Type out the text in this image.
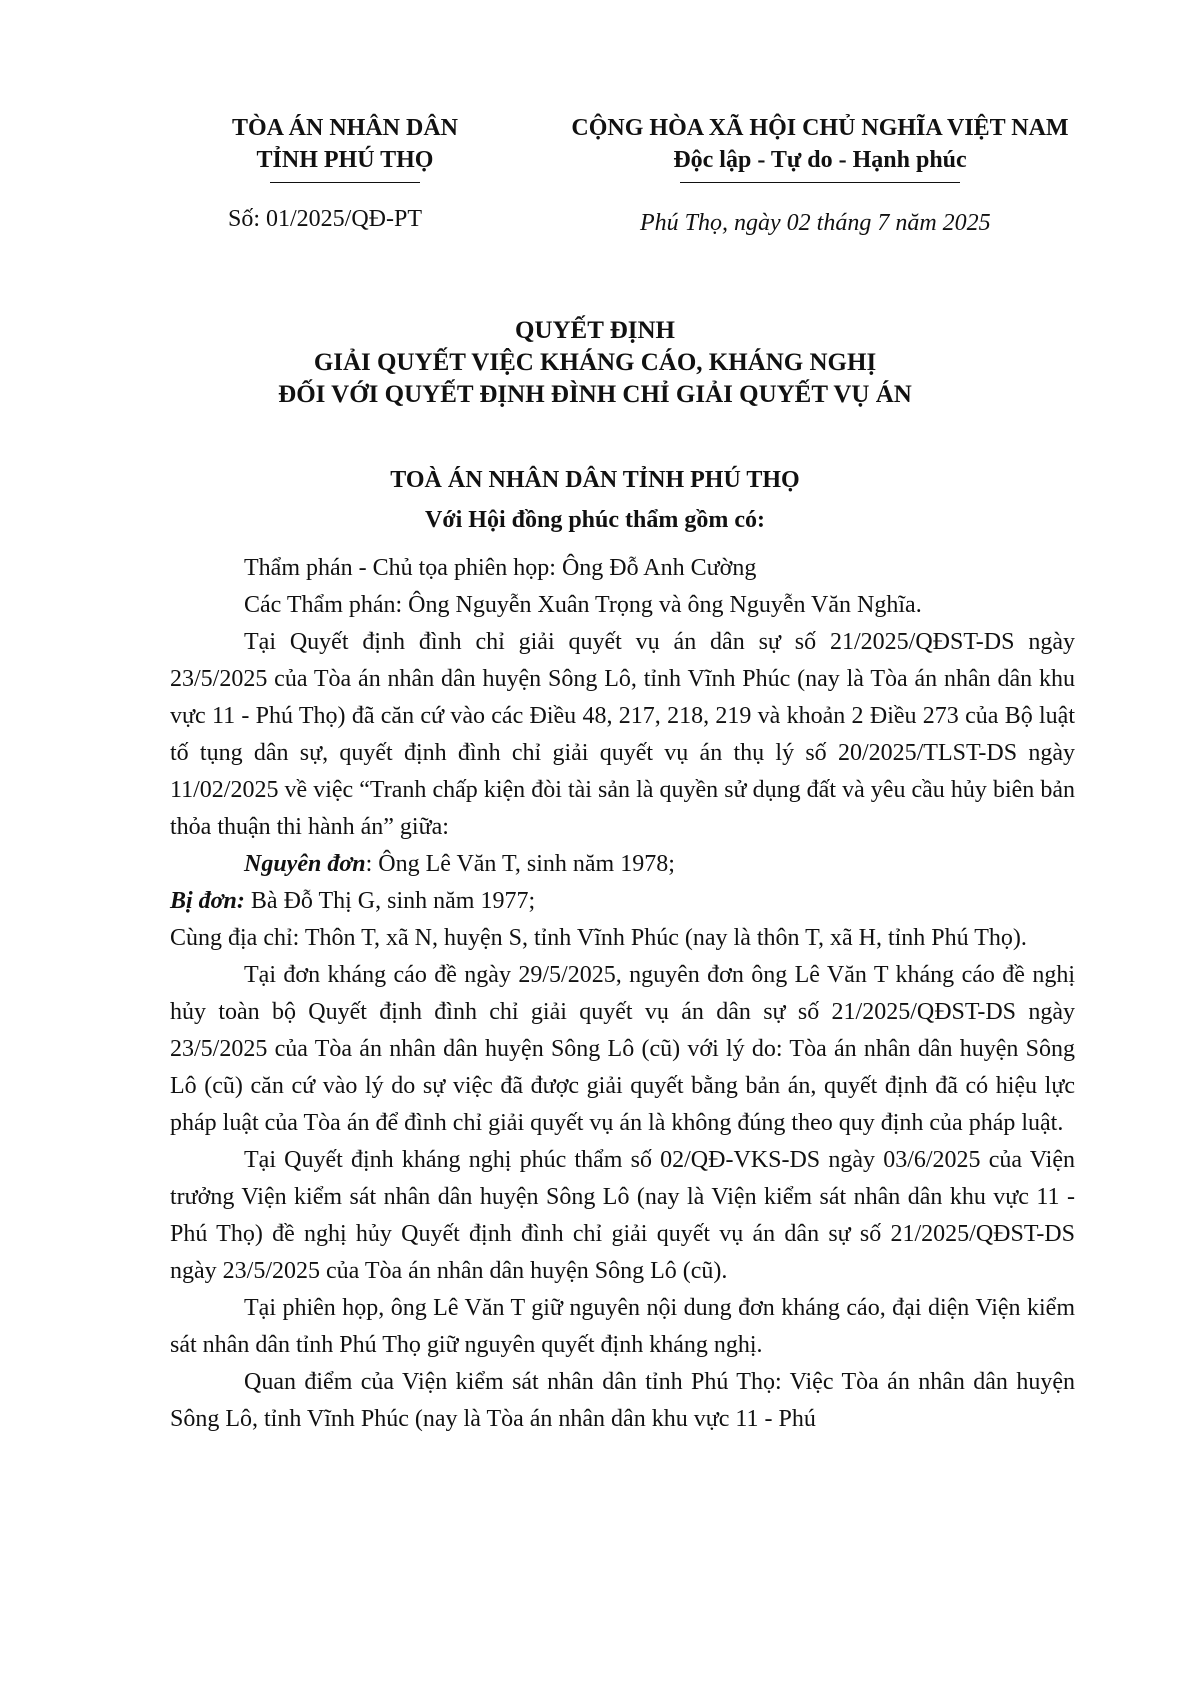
TÒA ÁN NHÂN DÂN
TỈNH PHÚ THỌ
CỘNG HÒA XÃ HỘI CHỦ NGHĨA VIỆT NAM
Độc lập - Tự do - Hạnh phúc
Số: 01/2025/QĐ-PT	Phú Thọ, ngày 02 tháng 7 năm 2025
QUYẾT ĐỊNH
GIẢI QUYẾT VIỆC KHÁNG CÁO, KHÁNG NGHỊ
ĐỐI VỚI QUYẾT ĐỊNH ĐÌNH CHỈ GIẢI QUYẾT VỤ ÁN
TOÀ ÁN NHÂN DÂN TỈNH PHÚ THỌ
Với Hội đồng phúc thẩm gồm có:

Thẩm phán - Chủ tọa phiên họp: Ông Đỗ Anh Cường

Các Thẩm phán: Ông Nguyễn Xuân Trọng và ông Nguyễn Văn Nghĩa.

Tại Quyết định đình chỉ giải quyết vụ án dân sự số 21/2025/QĐST-DS ngày 23/5/2025 của Tòa án nhân dân huyện Sông Lô, tỉnh Vĩnh Phúc (nay là Tòa án nhân dân khu vực 11 - Phú Thọ) đã căn cứ vào các Điều 48, 217, 218, 219 và khoản 2 Điều 273 của Bộ luật tố tụng dân sự, quyết định đình chỉ giải quyết vụ án thụ lý số 20/2025/TLST-DS ngày 11/02/2025 về việc “Tranh chấp kiện đòi tài sản là quyền sử dụng đất và yêu cầu hủy biên bản thỏa thuận thi hành án” giữa:

Nguyên đơn: Ông Lê Văn T, sinh năm 1978;

Bị đơn: Bà Đỗ Thị G, sinh năm 1977;

Cùng địa chỉ: Thôn T, xã N, huyện S, tỉnh Vĩnh Phúc (nay là thôn T, xã H, tỉnh Phú Thọ).

Tại đơn kháng cáo đề ngày 29/5/2025, nguyên đơn ông Lê Văn T kháng cáo đề nghị hủy toàn bộ Quyết định đình chỉ giải quyết vụ án dân sự số 21/2025/QĐST-DS ngày 23/5/2025 của Tòa án nhân dân huyện Sông Lô (cũ) với lý do: Tòa án nhân dân huyện Sông Lô (cũ) căn cứ vào lý do sự việc đã được giải quyết bằng bản án, quyết định đã có hiệu lực pháp luật của Tòa án để đình chỉ giải quyết vụ án là không đúng theo quy định của pháp luật.

Tại Quyết định kháng nghị phúc thẩm số 02/QĐ-VKS-DS ngày 03/6/2025 của Viện trưởng Viện kiểm sát nhân dân huyện Sông Lô (nay là Viện kiểm sát nhân dân khu vực 11 - Phú Thọ) đề nghị hủy Quyết định đình chỉ giải quyết vụ án dân sự số 21/2025/QĐST-DS ngày 23/5/2025 của Tòa án nhân dân huyện Sông Lô (cũ).

Tại phiên họp, ông Lê Văn T giữ nguyên nội dung đơn kháng cáo, đại diện Viện kiểm sát nhân dân tỉnh Phú Thọ giữ nguyên quyết định kháng nghị.

Quan điểm của Viện kiểm sát nhân dân tỉnh Phú Thọ: Việc Tòa án nhân dân huyện Sông Lô, tỉnh Vĩnh Phúc (nay là Tòa án nhân dân khu vực 11 - Phú
